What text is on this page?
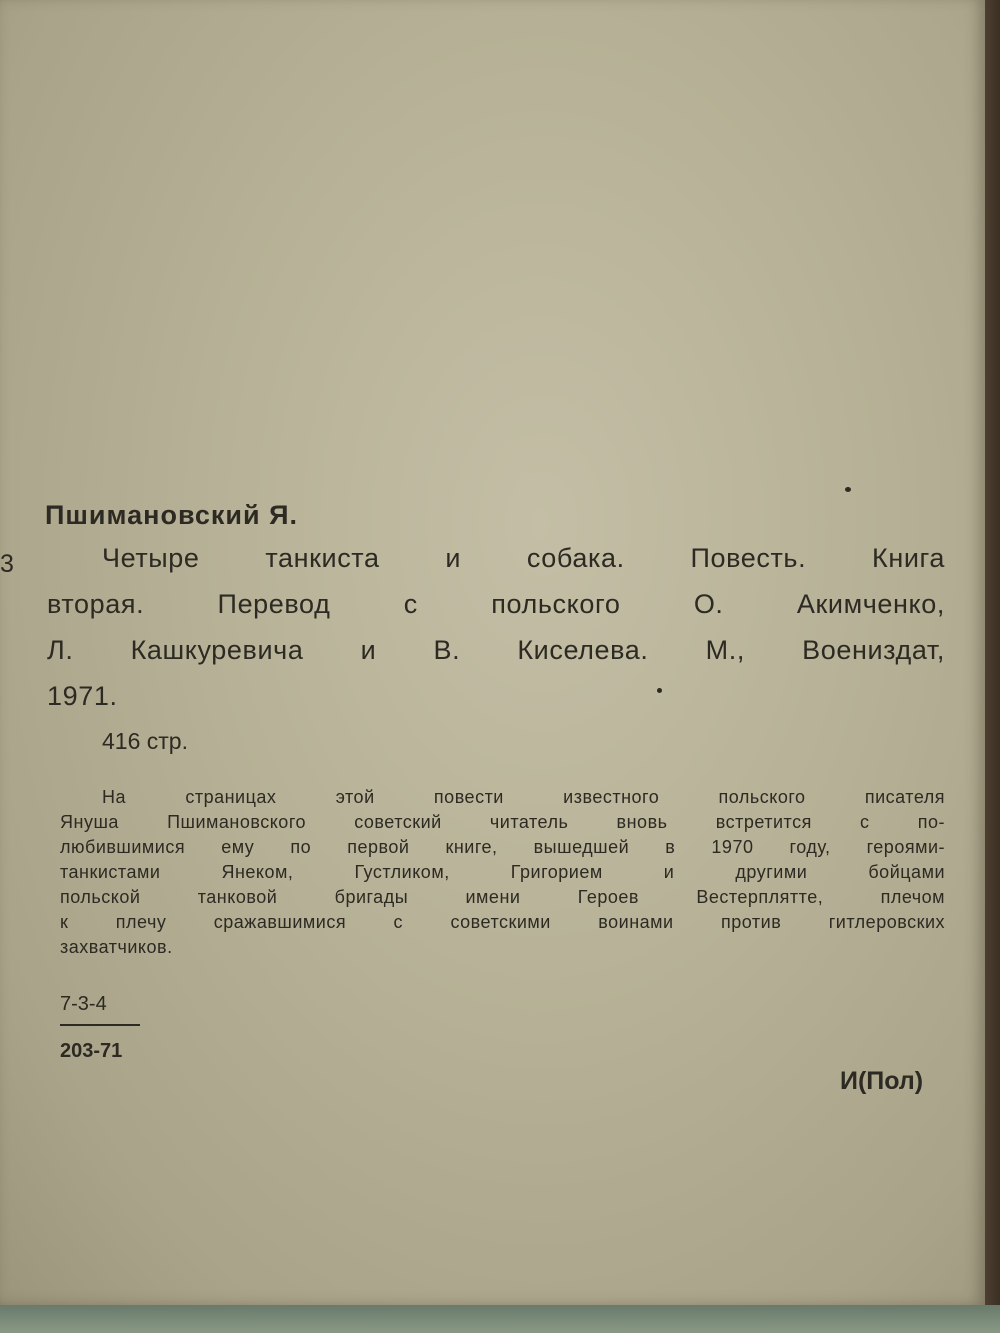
3

Пшимановский Я.

Четыре танкиста и собака. Повесть. Книга
вторая. Перевод с польского О. Акимченко,
Л. Кашкуревича и В. Киселева. М., Воениздат,
1971.

416 стр.

На страницах этой повести известного польского писателя
Януша Пшимановского советский читатель вновь встретится с по-
любившимися ему по первой книге, вышедшей в 1970 году, героями-
танкистами Янеком, Густликом, Григорием и другими бойцами
польской танковой бригады имени Героев Вестерплятте, плечом
к плечу сражавшимися с советскими воинами против гитлеровских
захватчиков.

7-3-4

203-71

И(Пол)
